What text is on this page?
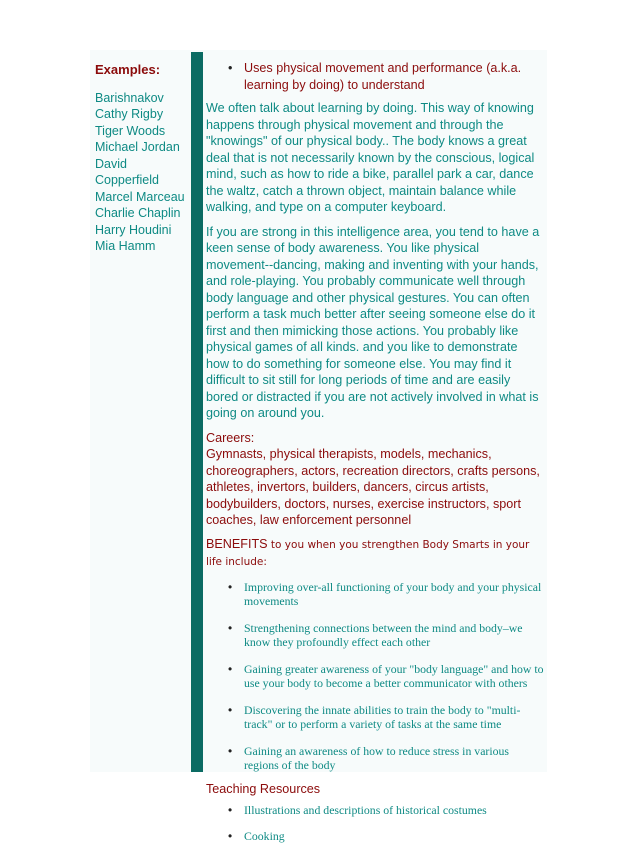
Examples:
Barishnakov
Cathy Rigby
Tiger Woods
Michael Jordan
David
Copperfield
Marcel Marceau
Charlie Chaplin
Harry Houdini
Mia Hamm
• Uses physical movement and performance (a.k.a. learning by doing) to understand

We often talk about learning by doing. This way of knowing happens through physical movement and through the "knowings" of our physical body.. The body knows a great deal that is not necessarily known by the conscious, logical mind, such as how to ride a bike, parallel park a car, dance the waltz, catch a thrown object, maintain balance while walking, and type on a computer keyboard.

If you are strong in this intelligence area, you tend to have a keen sense of body awareness. You like physical movement--dancing, making and inventing with your hands, and role-playing. You probably communicate well through body language and other physical gestures. You can often perform a task much better after seeing someone else do it first and then mimicking those actions. You probably like physical games of all kinds. and you like to demonstrate how to do something for someone else. You may find it difficult to sit still for long periods of time and are easily bored or distracted if you are not actively involved in what is going on around you.

Careers:
Gymnasts, physical therapists, models, mechanics, choreographers, actors, recreation directors, crafts persons, athletes, invertors, builders, dancers, circus artists, bodybuilders, doctors, nurses, exercise instructors, sport coaches, law enforcement personnel
BENEFITS to you when you strengthen Body Smarts in your life include:
• Improving over-all functioning of your body and your physical movements
• Strengthening connections between the mind and body–we know they profoundly effect each other
• Gaining greater awareness of your "body language" and how to use your body to become a better communicator with others
• Discovering the innate abilities to train the body to "multi-track" or to perform a variety of tasks at the same time
• Gaining an awareness of how to reduce stress in various regions of the body
Teaching Resources
• Illustrations and descriptions of historical costumes
• Cooking
